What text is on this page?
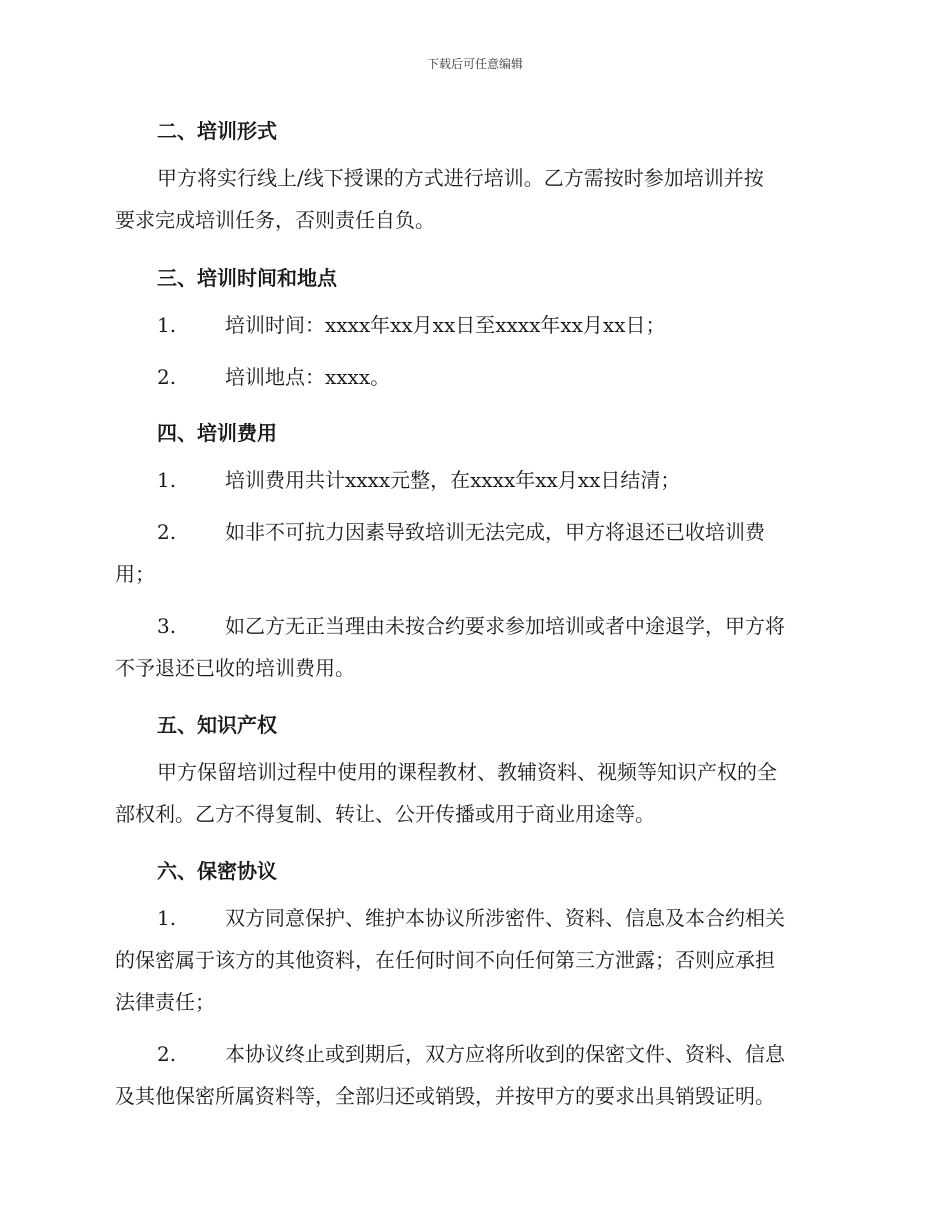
下载后可任意编辑
二、培训形式
甲方将实行线上/线下授课的方式进行培训。乙方需按时参加培训并按
要求完成培训任务，否则责任自负。
三、培训时间和地点
1. 培训时间：xxxx年xx月xx日至xxxx年xx月xx日；
2. 培训地点：xxxx。
四、培训费用
1. 培训费用共计xxxx元整，在xxxx年xx月xx日结清；
2. 如非不可抗力因素导致培训无法完成，甲方将退还已收培训费
用；
3. 如乙方无正当理由未按合约要求参加培训或者中途退学，甲方将
不予退还已收的培训费用。
五、知识产权
甲方保留培训过程中使用的课程教材、教辅资料、视频等知识产权的全
部权利。乙方不得复制、转让、公开传播或用于商业用途等。
六、保密协议
1. 双方同意保护、维护本协议所涉密件、资料、信息及本合约相关
的保密属于该方的其他资料，在任何时间不向任何第三方泄露；否则应承担
法律责任；
2. 本协议终止或到期后，双方应将所收到的保密文件、资料、信息
及其他保密所属资料等，全部归还或销毁，并按甲方的要求出具销毁证明。
